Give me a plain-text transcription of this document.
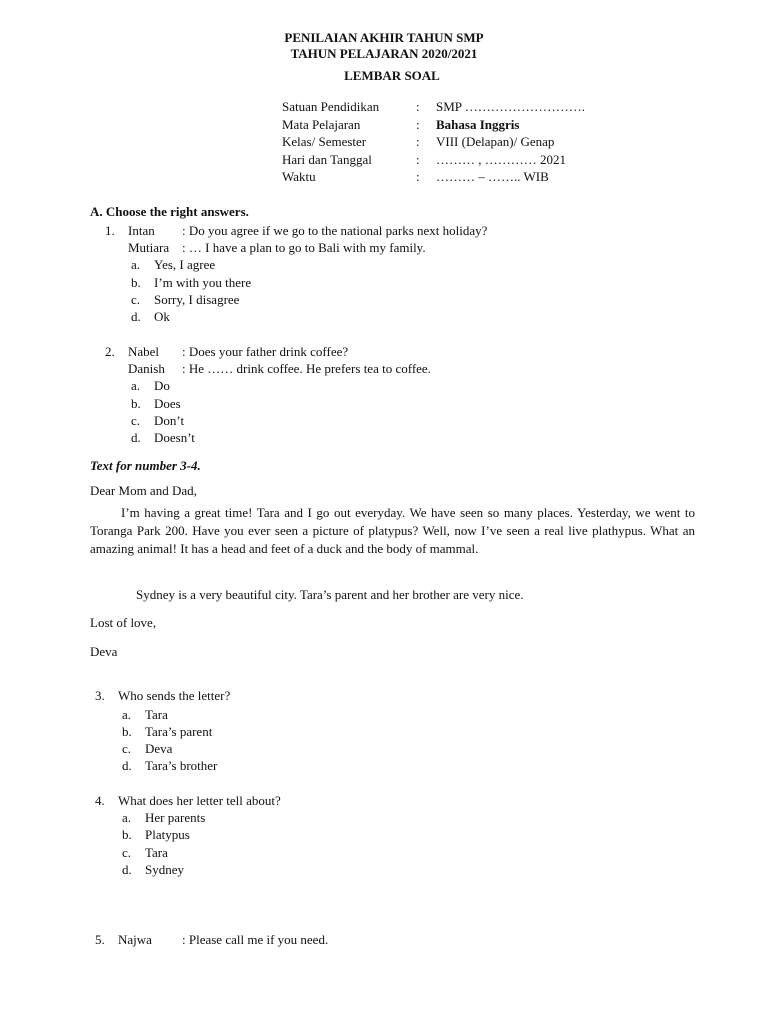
PENILAIAN AKHIR TAHUN SMP
TAHUN PELAJARAN 2020/2021
LEMBAR SOAL
Satuan Pendidikan	: SMP ……………………….
Mata Pelajaran	: Bahasa Inggris
Kelas/ Semester	: VIII (Delapan)/ Genap
Hari dan Tanggal	: ……… , ………… 2021
Waktu	: ……… – …….. WIB
A. Choose the right answers.
1. Intan : Do you agree if we go to the national parks next holiday?
Mutiara : … I have a plan to go to Bali with my family.
a. Yes, I agree
b. I’m with you there
c. Sorry, I disagree
d. Ok
2. Nabel : Does your father drink coffee?
Danish : He …… drink coffee. He prefers tea to coffee.
a. Do
b. Does
c. Don’t
d. Doesn’t
Text for number 3-4.
Dear Mom and Dad,
I’m having a great time! Tara and I go out everyday. We have seen so many places. Yesterday, we went to Toranga Park 200. Have you ever seen a picture of platypus? Well, now I’ve seen a real live plathypus. What an amazing animal! It has a head and feet of a duck and the body of mammal.
Sydney is a very beautiful city. Tara’s parent and her brother are very nice.
Lost of love,
Deva
3. Who sends the letter?
a. Tara
b. Tara’s parent
c. Deva
d. Tara’s brother
4. What does her letter tell about?
a. Her parents
b. Platypus
c. Tara
d. Sydney
5. Najwa : Please call me if you need.
